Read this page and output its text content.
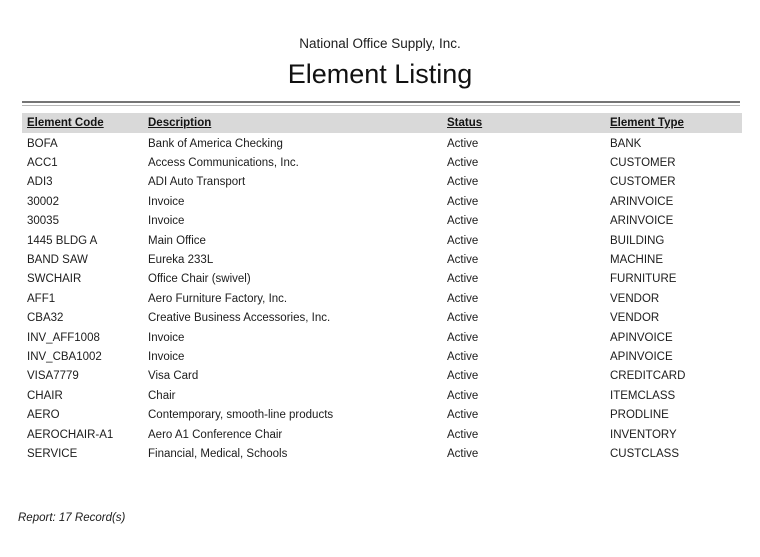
National Office Supply, Inc.
Element Listing
Element Code	Description	Status	Element Type
BOFA	Bank of America Checking	Active	BANK
ACC1	Access Communications, Inc.	Active	CUSTOMER
ADI3	ADI Auto Transport	Active	CUSTOMER
30002	Invoice	Active	ARINVOICE
30035	Invoice	Active	ARINVOICE
1445 BLDG A	Main Office	Active	BUILDING
BAND SAW	Eureka 233L	Active	MACHINE
SWCHAIR	Office Chair (swivel)	Active	FURNITURE
AFF1	Aero Furniture Factory, Inc.	Active	VENDOR
CBA32	Creative Business Accessories, Inc.	Active	VENDOR
INV_AFF1008	Invoice	Active	APINVOICE
INV_CBA1002	Invoice	Active	APINVOICE
VISA7779	Visa Card	Active	CREDITCARD
CHAIR	Chair	Active	ITEMCLASS
AERO	Contemporary, smooth-line products	Active	PRODLINE
AEROCHAIR-A1	Aero A1 Conference Chair	Active	INVENTORY
SERVICE	Financial, Medical, Schools	Active	CUSTCLASS
Report: 17 Record(s)
